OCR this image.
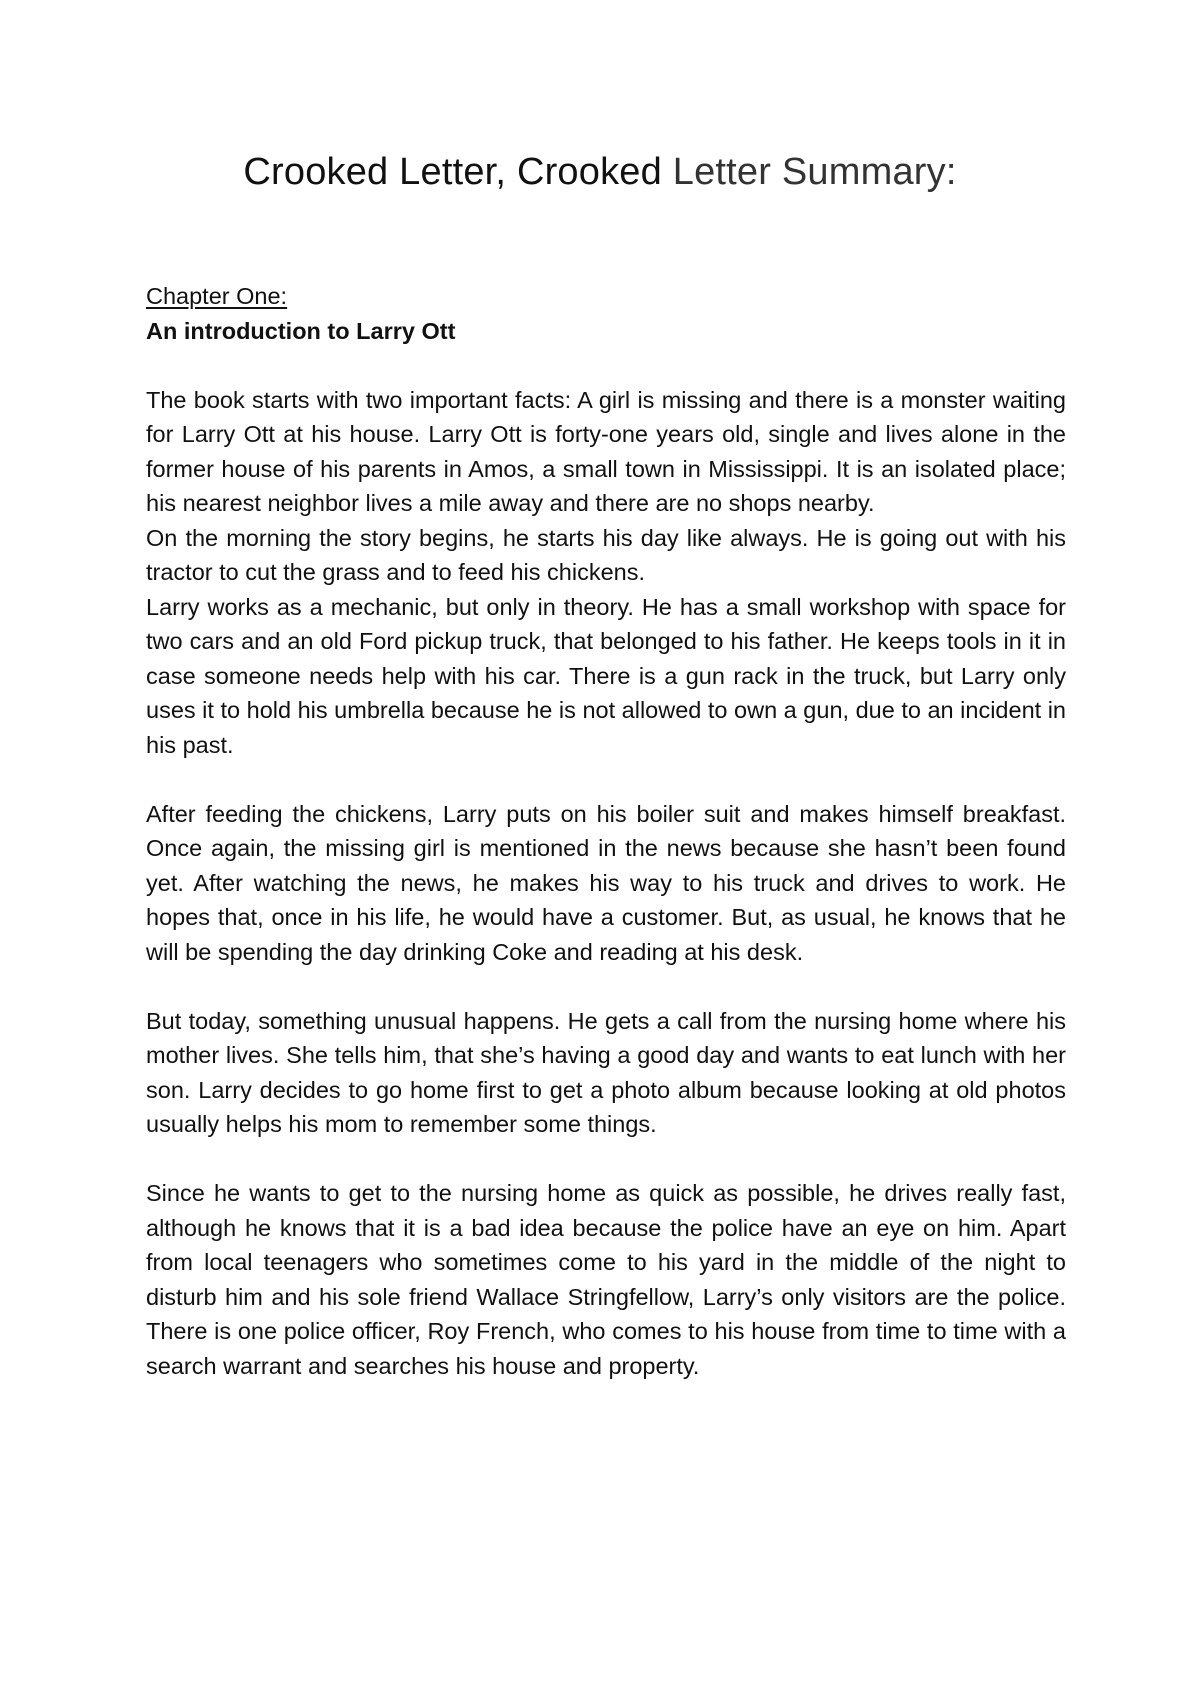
Crooked Letter, Crooked Letter Summary:

Chapter One:

An introduction to Larry Ott

The book starts with two important facts: A girl is missing and there is a monster waiting for Larry Ott at his house. Larry Ott is forty-one years old, single and lives alone in the former house of his parents in Amos, a small town in Mississippi. It is an isolated place; his nearest neighbor lives a mile away and there are no shops nearby.

On the morning the story begins, he starts his day like always. He is going out with his tractor to cut the grass and to feed his chickens.

Larry works as a mechanic, but only in theory. He has a small workshop with space for two cars and an old Ford pickup truck, that belonged to his father. He keeps tools in it in case someone needs help with his car. There is a gun rack in the truck, but Larry only uses it to hold his umbrella because he is not allowed to own a gun, due to an incident in his past.

After feeding the chickens, Larry puts on his boiler suit and makes himself breakfast. Once again, the missing girl is mentioned in the news because she hasn’t been found yet. After watching the news, he makes his way to his truck and drives to work. He hopes that, once in his life, he would have a customer. But, as usual, he knows that he will be spending the day drinking Coke and reading at his desk.

But today, something unusual happens. He gets a call from the nursing home where his mother lives. She tells him, that she’s having a good day and wants to eat lunch with her son. Larry decides to go home first to get a photo album because looking at old photos usually helps his mom to remember some things.

Since he wants to get to the nursing home as quick as possible, he drives really fast, although he knows that it is a bad idea because the police have an eye on him. Apart from local teenagers who sometimes come to his yard in the middle of the night to disturb him and his sole friend Wallace Stringfellow, Larry’s only visitors are the police. There is one police officer, Roy French, who comes to his house from time to time with a search warrant and searches his house and property.
